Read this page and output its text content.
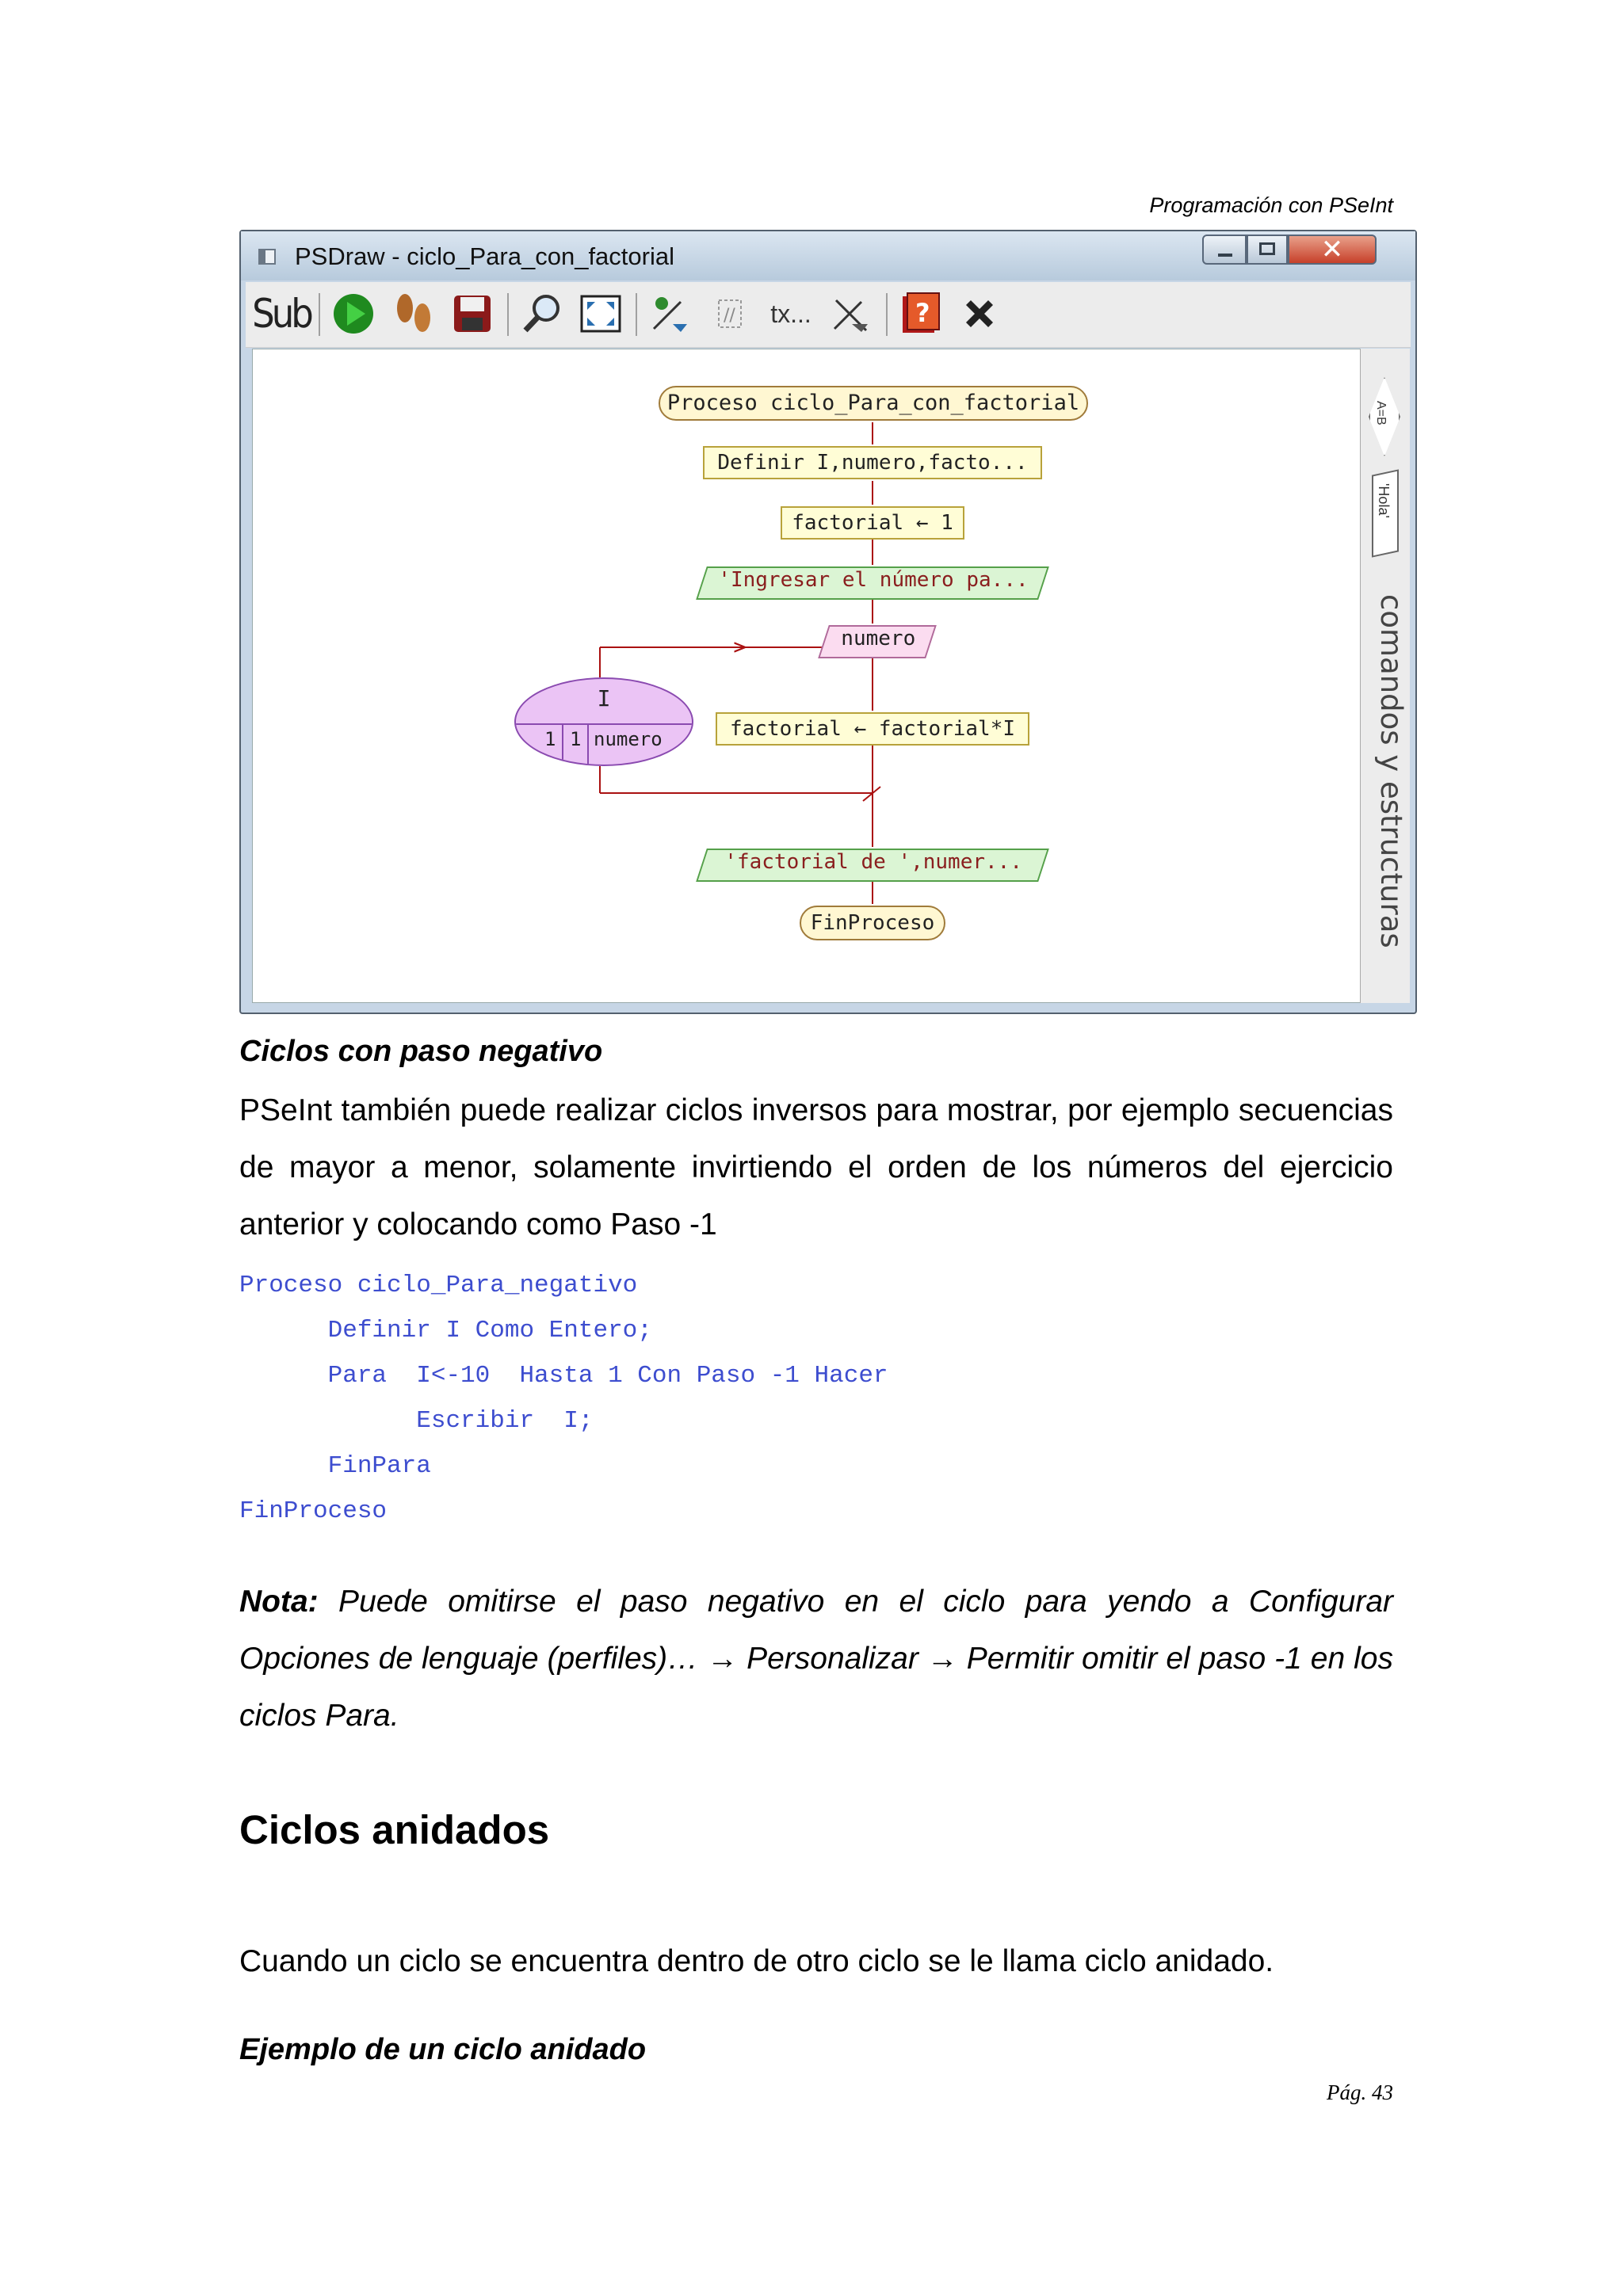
Programación con PSeInt
PSDraw - ciclo_Para_con_factorial	✕
Sub	// tx...	?
Proceso ciclo_Para_con_factorial
Definir I,numero,facto...
factorial ← 1
'Ingresar el número pa...
numero
I
1 1 numero	factorial ← factorial*I
'factorial de ',numer...
FinProceso
A=B
'Hola'
comandos y estructuras
Ciclos con paso negativo
PSeInt también puede realizar ciclos inversos para mostrar, por ejemplo secuencias de mayor a menor, solamente invirtiendo el orden de los números del ejercicio anterior y colocando como Paso -1
Proceso ciclo_Para_negativo
Definir I Como Entero;
Para  I<-10  Hasta 1 Con Paso -1 Hacer
Escribir  I;
FinPara
FinProceso
Nota: Puede omitirse el paso negativo en el ciclo para yendo a Configurar Opciones de lenguaje (perfiles)… → Personalizar → Permitir omitir el paso -1 en los ciclos Para.
Ciclos anidados
Cuando un ciclo se encuentra dentro de otro ciclo se le llama ciclo anidado.
Ejemplo de un ciclo anidado
Pág. 43
